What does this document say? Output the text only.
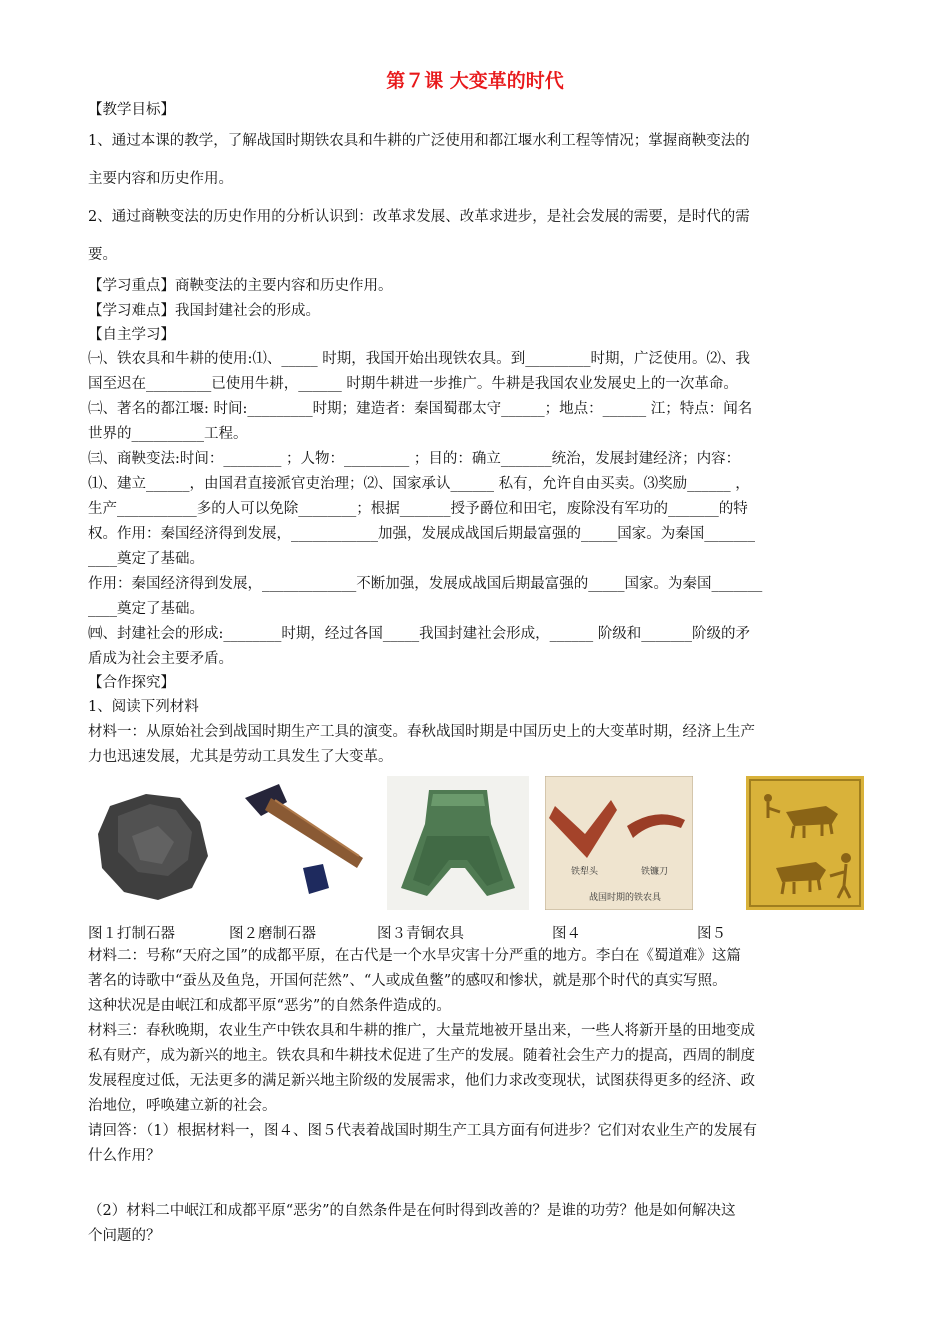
第７课 大变革的时代

【教学目标】

1、通过本课的教学，了解战国时期铁农具和牛耕的广泛使用和都江堰水利工程等情况；掌握商鞅变法的

主要内容和历史作用。

2、通过商鞅变法的历史作用的分析认识到：改革求发展、改革求进步，是社会发展的需要，是时代的需

要。

【学习重点】商鞅变法的主要内容和历史作用。

【学习难点】我国封建社会的形成。

【自主学习】

㈠、铁农具和牛耕的使用:⑴、_____ 时期，我国开始出现铁农具。到_________时期，广泛使用。⑵、我

国至迟在_________已使用牛耕，______ 时期牛耕进一步推广。牛耕是我国农业发展史上的一次革命。

㈡、著名的都江堰: 时间:_________时期；建造者：秦国蜀郡太守______；地点：______ 江；特点：闻名

世界的__________工程。

㈢、商鞅变法:时间：________ ；人物：_________ ；目的：确立_______统治，发展封建经济；内容：

⑴、建立______，由国君直接派官吏治理；⑵、国家承认______ 私有，允许自由买卖。⑶奖励______ ，

生产___________多的人可以免除________；根据_______授予爵位和田宅，废除没有军功的_______的特

权。作用：秦国经济得到发展，____________加强，发展成战国后期最富强的_____国家。为秦国_______

____奠定了基础。

作用：秦国经济得到发展，_____________不断加强，发展成战国后期最富强的_____国家。为秦国_______

____奠定了基础。

㈣、封建社会的形成:________时期，经过各国_____我国封建社会形成，______ 阶级和_______阶级的矛

盾成为社会主要矛盾。

【合作探究】

1、阅读下列材料

材料一：从原始社会到战国时期生产工具的演变。春秋战国时期是中国历史上的大变革时期，经济上生产

力也迅速发展，尤其是劳动工具发生了大变革。

铁犁头	铁镰刀
战国时期的铁农具
图１打制石器	图２磨制石器	图３青铜农具	图４	图５

材料二：号称“天府之国”的成都平原，在古代是一个水旱灾害十分严重的地方。李白在《蜀道难》这篇

著名的诗歌中“蚕丛及鱼凫，开国何茫然”、“人或成鱼鳖”的感叹和惨状，就是那个时代的真实写照。

这种状况是由岷江和成都平原“恶劣”的自然条件造成的。

材料三：春秋晚期，农业生产中铁农具和牛耕的推广，大量荒地被开垦出来，一些人将新开垦的田地变成

私有财产，成为新兴的地主。铁农具和牛耕技术促进了生产的发展。随着社会生产力的提高，西周的制度

发展程度过低，无法更多的满足新兴地主阶级的发展需求，他们力求改变现状，试图获得更多的经济、政

治地位，呼唤建立新的社会。

请回答：（1）根据材料一，图４、图５代表着战国时期生产工具方面有何进步？它们对农业生产的发展有

什么作用？

（2）材料二中岷江和成都平原“恶劣”的自然条件是在何时得到改善的？是谁的功劳？他是如何解决这

个问题的？
